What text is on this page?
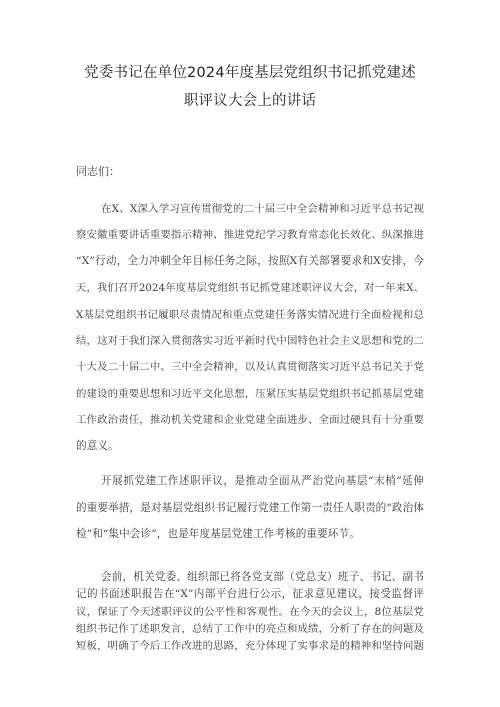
党委书记在单位2024年度基层党组织书记抓党建述
职评议大会上的讲话
同志们：
在X、X深入学习宣传贯彻党的二十届三中全会精神和习近平总书记视
察安徽重要讲话重要指示精神、推进党纪学习教育常态化长效化、纵深推进
“X”行动，全力冲刺全年目标任务之际，按照X有关部署要求和X安排，今
天，我们召开2024年度基层党组织书记抓党建述职评议大会，对一年来X、
X基层党组织书记履职尽责情况和重点党建任务落实情况进行全面检视和总
结，这对于我们深入贯彻落实习近平新时代中国特色社会主义思想和党的二
十大及二十届二中、三中全会精神，以及认真贯彻落实习近平总书记关于党
的建设的重要思想和习近平文化思想，压紧压实基层党组织书记抓基层党建
工作政治责任，推动机关党建和企业党建全面进步、全面过硬具有十分重要
的意义。
开展抓党建工作述职评议，是推动全面从严治党向基层“末梢”延伸
的重要举措，是对基层党组织书记履行党建工作第一责任人职责的“政治体
检”和“集中会诊”，也是年度基层党建工作考核的重要环节。
会前，机关党委、组织部已将各党支部（党总支）班子、书记、副书
记的书面述职报告在“X”内部平台进行公示，征求意见建议，接受监督评
议，保证了今天述职评议的公平性和客观性。在今天的会议上，8位基层党
组织书记作了述职发言，总结了工作中的亮点和成绩，分析了存在的问题及
短板，明确了今后工作改进的思路，充分体现了实事求是的精神和坚持问题
